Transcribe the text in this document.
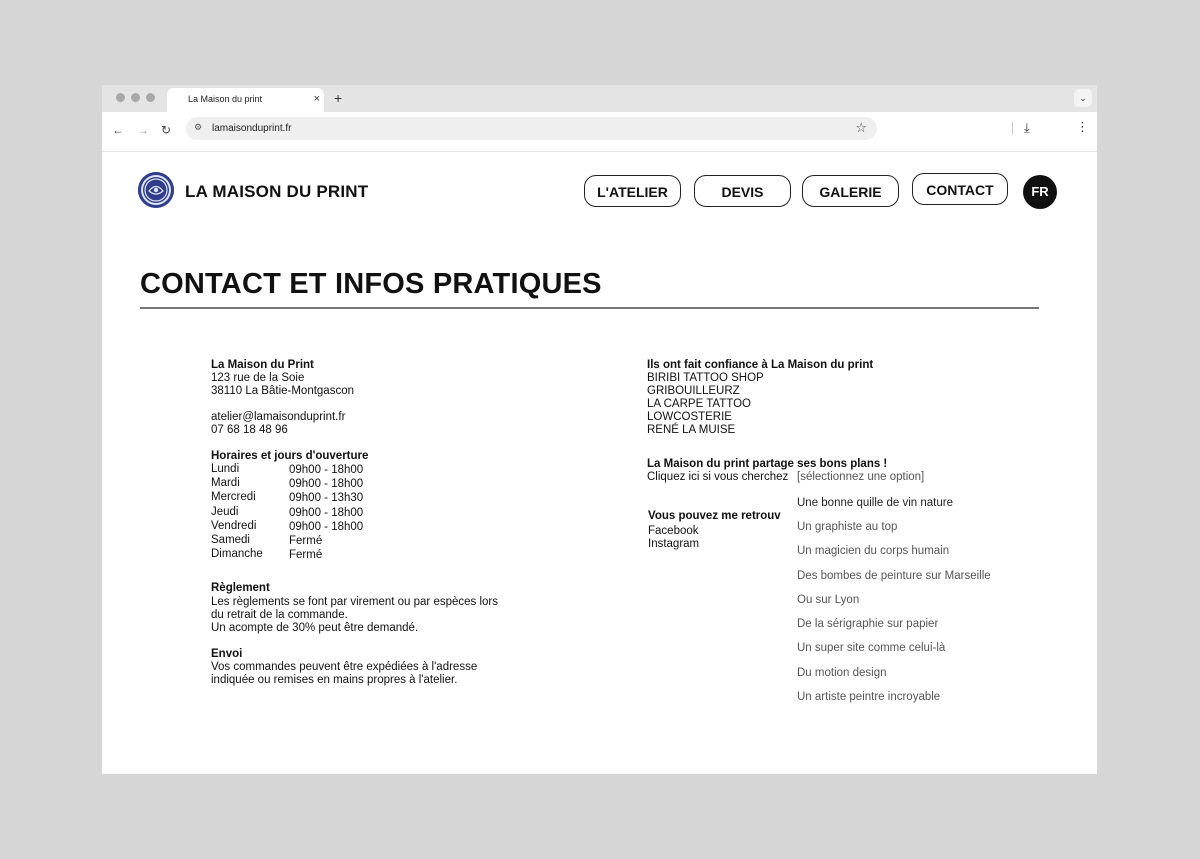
La Maison du print	× +	⌄
← → ↻	⚙ lamaisonduprint.fr	☆	⤓	⋮
LA MAISON DU PRINT	L'ATELIER	DEVIS	GALERIE	CONTACT	FR
CONTACT ET INFOS PRATIQUES
La Maison du Print
123 rue de la Soie
38110 La Bâtie-Montgascon
atelier@lamaisonduprint.fr
07 68 18 48 96
Horaires et jours d'ouverture
Lundi	09h00 - 18h00
Mardi	09h00 - 18h00
Mercredi	09h00 - 13h30
Jeudi	09h00 - 18h00
Vendredi	09h00 - 18h00
Samedi	Fermé
Dimanche	Fermé
Règlement
Les règlements se font par virement ou par espèces lors
du retrait de la commande.
Un acompte de 30% peut être demandé.
Envoi
Vos commandes peuvent être expédiées à l'adresse
indiquée ou remises en mains propres à l'atelier.
Ils ont fait confiance à La Maison du print
BIRIBI TATTOO SHOP
GRIBOUILLEURZ
LA CARPE TATTOO
LOWCOSTERIE
RENÉ LA MUISE
La Maison du print partage ses bons plans !
Cliquez ici si vous cherchez [sélectionnez une option]
Une bonne quille de vin nature
Un graphiste au top
Un magicien du corps humain
Des bombes de peinture sur Marseille
Ou sur Lyon
De la sérigraphie sur papier
Un super site comme celui-là
Du motion design
Un artiste peintre incroyable
Vous pouvez me retrouv
Facebook
Instagram
